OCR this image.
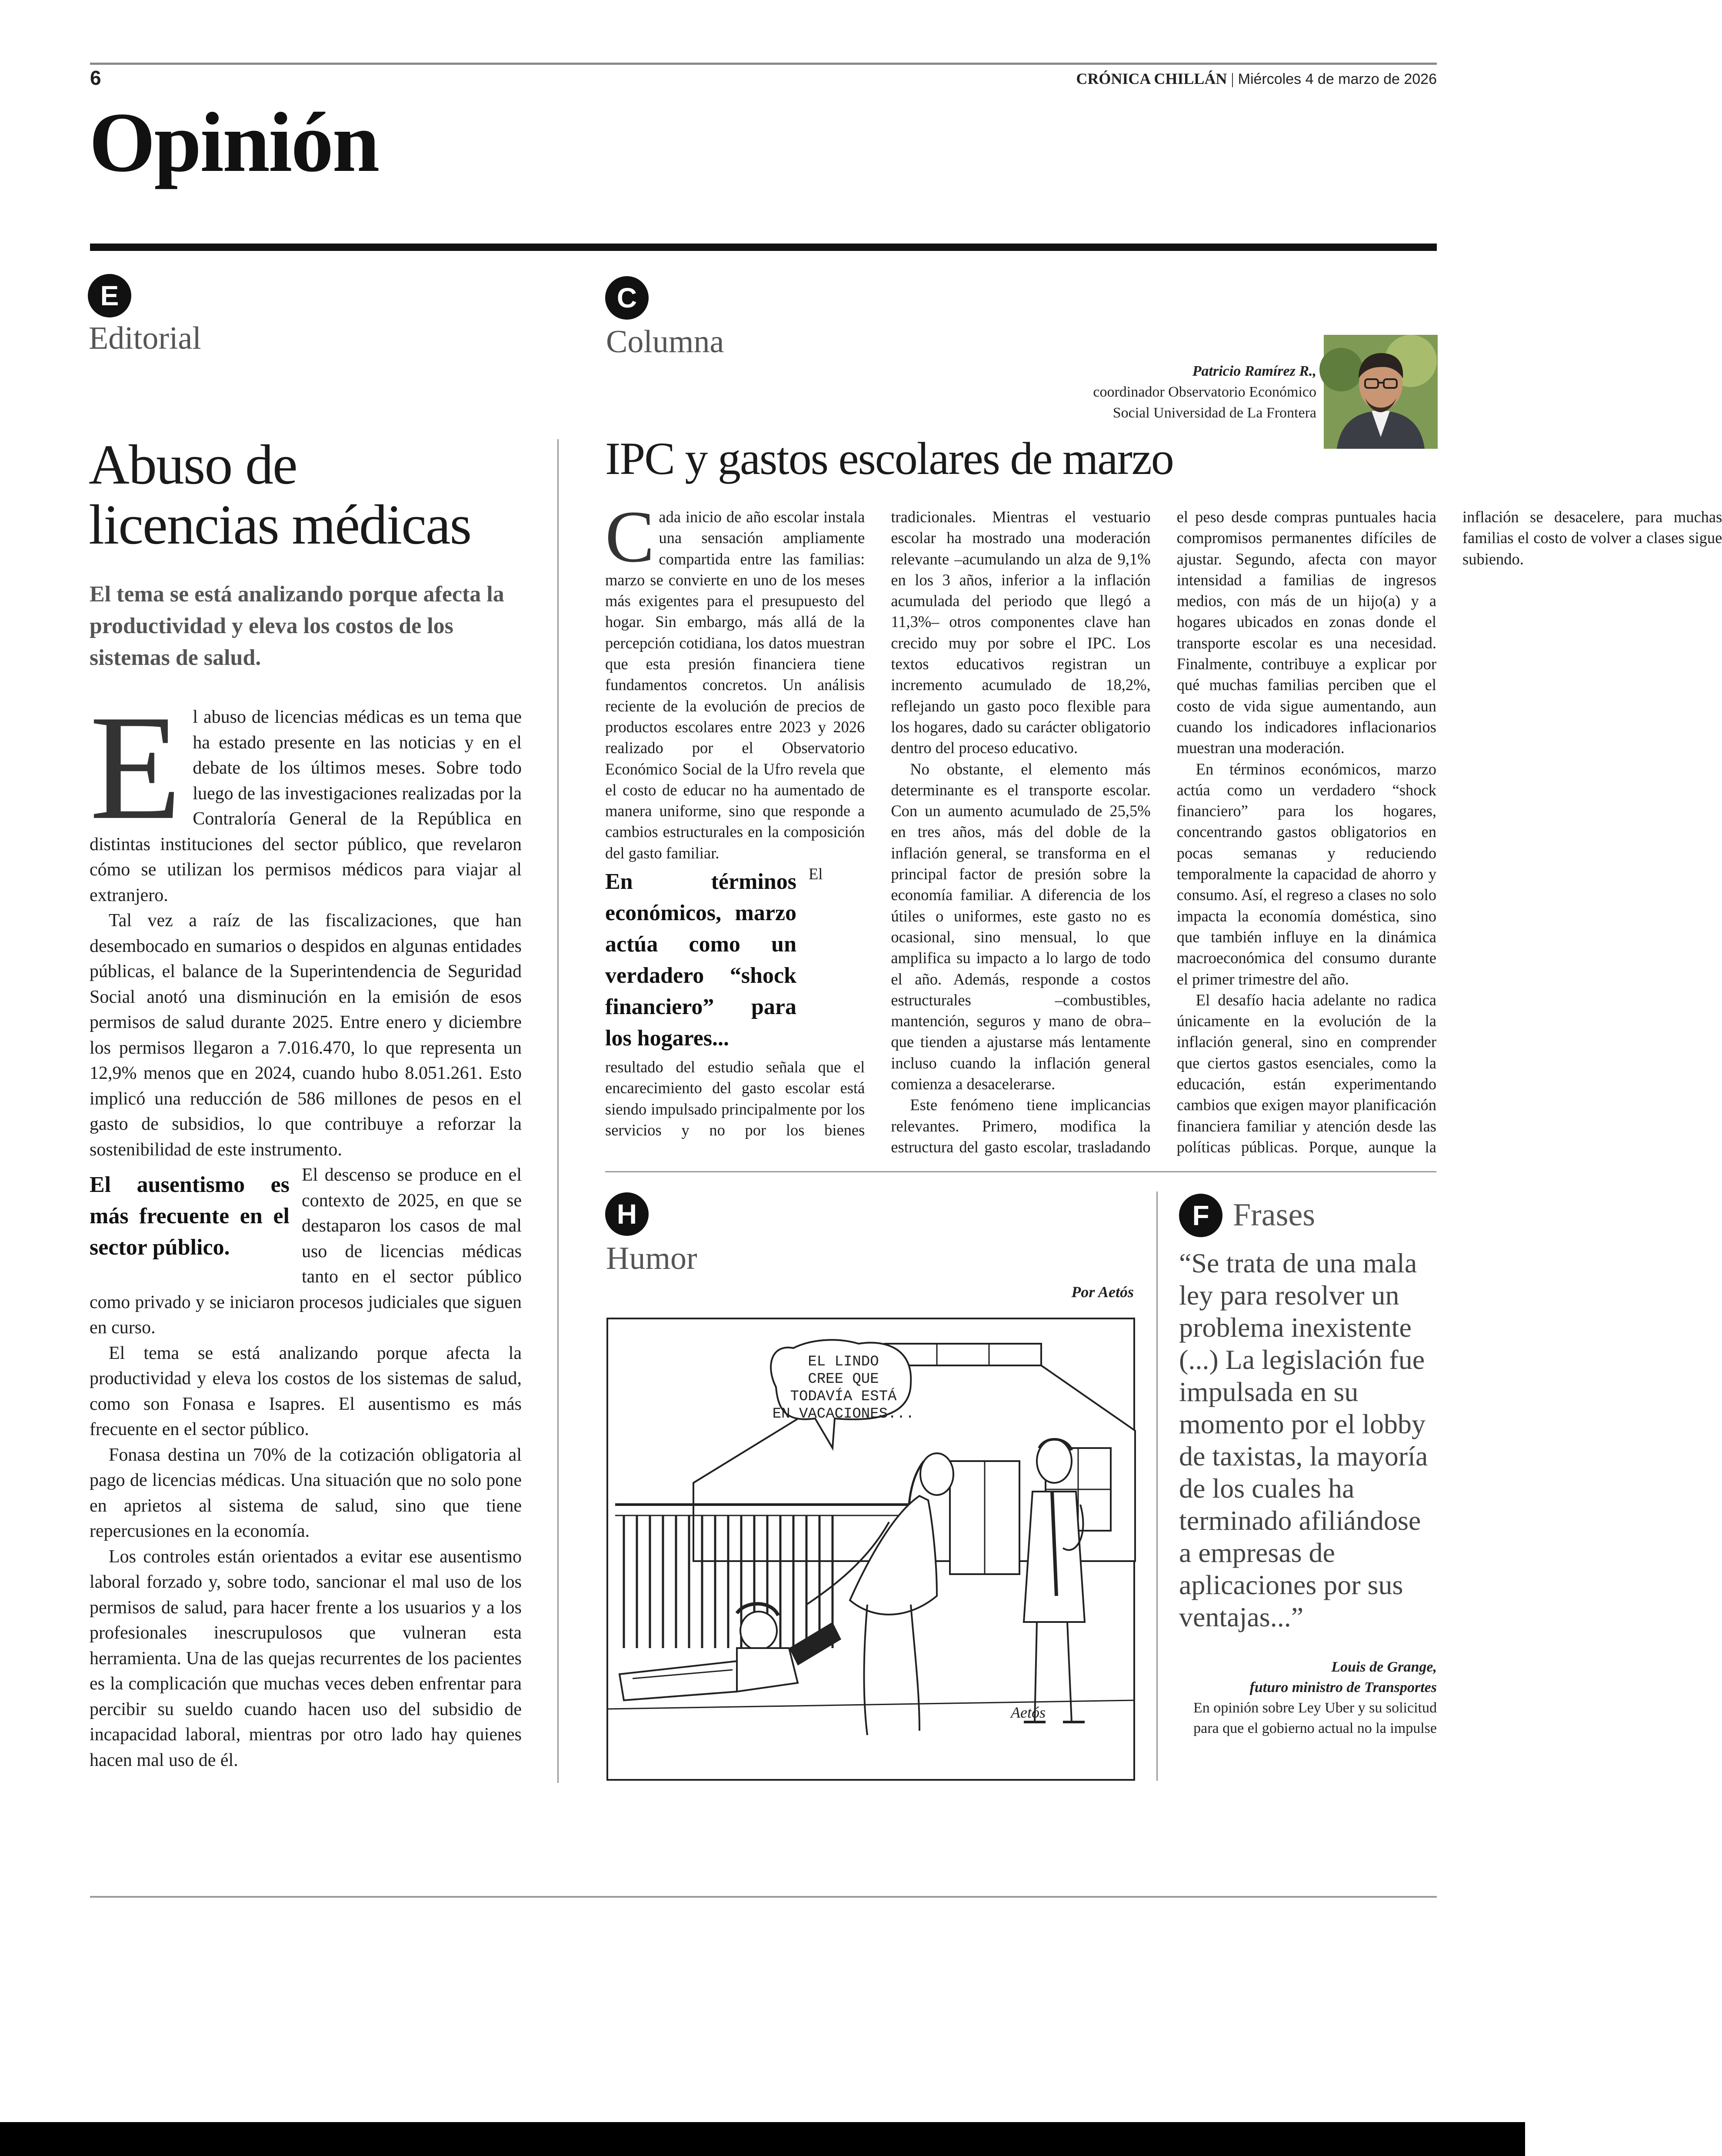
6	CRÓNICA CHILLÁN | Miércoles 4 de marzo de 2026
Opinión
E
Editorial
Abuso de
licencias médicas
El tema se está analizando porque afecta la productividad y eleva los costos de los sistemas de salud.

El abuso de licencias médicas es un tema que ha estado presente en las noticias y en el debate de los últimos meses. Sobre todo luego de las investigaciones realizadas por la Contraloría General de la República en distintas instituciones del sector público, que revelaron cómo se utilizan los permisos médicos para viajar al extranjero.

Tal vez a raíz de las fiscalizaciones, que han desembocado en sumarios o despidos en algunas entidades públicas, el balance de la Superintendencia de Seguridad Social anotó una disminución en la emisión de esos permisos de salud durante 2025. Entre enero y diciembre los permisos llegaron a 7.016.470, lo que representa un 12,9% menos que en 2024, cuando hubo 8.051.261. Esto implicó una reducción de 586 millones de pesos en el gasto de subsidios, lo que contribuye a reforzar la sostenibilidad de este instrumento.

El ausentismo es más frecuente en el sector público.
El descenso se produce en el contexto de 2025, en que se destaparon los casos de mal uso de licencias médicas tanto en el sector público como privado y se iniciaron procesos judiciales que siguen en curso.

El tema se está analizando porque afecta la productividad y eleva los costos de los sistemas de salud, como son Fonasa e Isapres. El ausentismo es más frecuente en el sector público.

Fonasa destina un 70% de la cotización obligatoria al pago de licencias médicas. Una situación que no solo pone en aprietos al sistema de salud, sino que tiene repercusiones en la economía.

Los controles están orientados a evitar ese ausentismo laboral forzado y, sobre todo, sancionar el mal uso de los permisos de salud, para hacer frente a los usuarios y a los profesionales inescrupulosos que vulneran esta herramienta. Una de las quejas recurrentes de los pacientes es la complicación que muchas veces deben enfrentar para percibir su sueldo cuando hacen uso del subsidio de incapacidad laboral, mientras por otro lado hay quienes hacen mal uso de él.

C
Columna
Patricio Ramírez R.,
coordinador Observatorio Económico
Social Universidad de La Frontera
IPC y gastos escolares de marzo

Cada inicio de año escolar instala una sensación ampliamente compartida entre las familias: marzo se convierte en uno de los meses más exigentes para el presupuesto del hogar. Sin embargo, más allá de la percepción cotidiana, los datos muestran que esta presión financiera tiene fundamentos concretos. Un análisis reciente de la evolución de precios de productos escolares entre 2023 y 2026 realizado por el Observatorio Económico Social de la Ufro revela que el costo de educar no ha aumentado de manera uniforme, sino que responde a cambios estructurales en la composición del gasto familiar.

En términos económicos, marzo actúa como un verdadero “shock financiero” para los hogares...
El resultado del estudio señala que el encarecimiento del gasto escolar está siendo impulsado principalmente por los servicios y no por los bienes tradicionales. Mientras el vestuario escolar ha mostrado una moderación relevante –acumulando un alza de 9,1% en los 3 años, inferior a la inflación acumulada del periodo que llegó a 11,3%– otros componentes clave han crecido muy por sobre el IPC. Los textos educativos registran un incremento acumulado de 18,2%, reflejando un gasto poco flexible para los hogares, dado su carácter obligatorio dentro del proceso educativo.

No obstante, el elemento más determinante es el transporte escolar. Con un aumento acumulado de 25,5% en tres años, más del doble de la inflación general, se transforma en el principal factor de presión sobre la economía familiar. A diferencia de los útiles o uniformes, este gasto no es ocasional, sino mensual, lo que amplifica su impacto a lo largo de todo el año. Además, responde a costos estructurales –combustibles, mantención, seguros y mano de obra– que tienden a ajustarse más lentamente incluso cuando la inflación general comienza a desacelerarse.

Este fenómeno tiene implicancias relevantes. Primero, modifica la estructura del gasto escolar, trasladando el peso desde compras puntuales hacia compromisos permanentes difíciles de ajustar. Segundo, afecta con mayor intensidad a familias de ingresos medios, con más de un hijo(a) y a hogares ubicados en zonas donde el transporte escolar es una necesidad. Finalmente, contribuye a explicar por qué muchas familias perciben que el costo de vida sigue aumentando, aun cuando los indicadores inflacionarios muestran una moderación.

En términos económicos, marzo actúa como un verdadero “shock financiero” para los hogares, concentrando gastos obligatorios en pocas semanas y reduciendo temporalmente la capacidad de ahorro y consumo. Así, el regreso a clases no solo impacta la economía doméstica, sino que también influye en la dinámica macroeconómica del consumo durante el primer trimestre del año.

El desafío hacia adelante no radica únicamente en la evolución de la inflación general, sino en comprender que ciertos gastos esenciales, como la educación, están experimentando cambios que exigen mayor planificación financiera familiar y atención desde las políticas públicas. Porque, aunque la inflación se desacelere, para muchas familias el costo de volver a clases sigue subiendo.

H
Humor
Por Aetós
EL LINDO
CREE QUE
TODAVÍA ESTÁ
EN VACACIONES...
Aetós
F Frases
“Se trata de una mala ley para resolver un problema inexistente (...) La legislación fue impulsada en su momento por el lobby de taxistas, la mayoría de los cuales ha terminado afiliándose a empresas de aplicaciones por sus ventajas...”
Louis de Grange,
futuro ministro de Transportes
En opinión sobre Ley Uber y su solicitud para que el gobierno actual no la impulse
